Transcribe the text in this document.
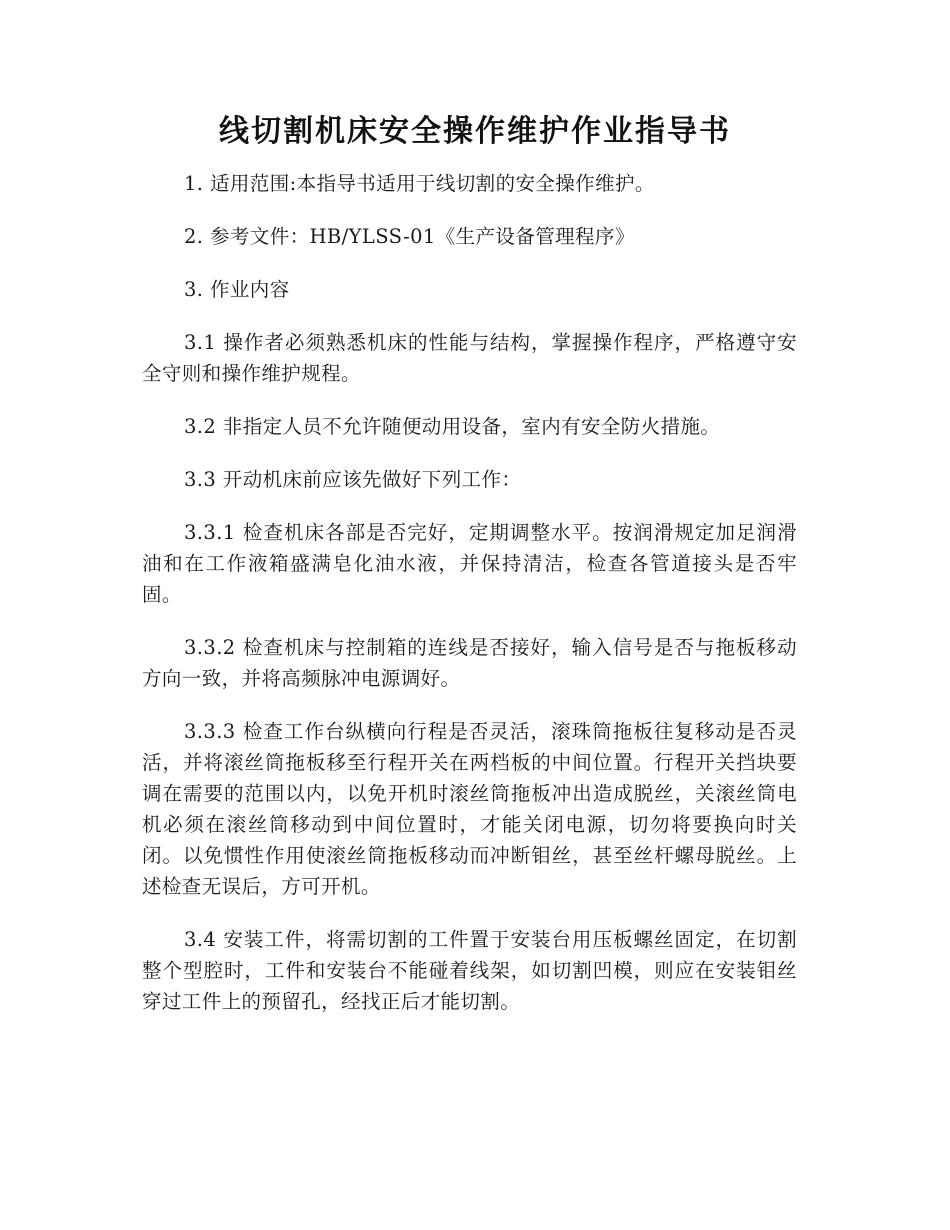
线切割机床安全操作维护作业指导书

1. 适用范围:本指导书适用于线切割的安全操作维护。

2. 参考文件：HB/YLSS-01《生产设备管理程序》

3. 作业内容

3.1 操作者必须熟悉机床的性能与结构，掌握操作程序，严格遵守安全守则和操作维护规程。

3.2 非指定人员不允许随便动用设备，室内有安全防火措施。

3.3 开动机床前应该先做好下列工作：

3.3.1 检查机床各部是否完好，定期调整水平。按润滑规定加足润滑油和在工作液箱盛满皂化油水液，并保持清洁，检查各管道接头是否牢固。

3.3.2 检查机床与控制箱的连线是否接好，输入信号是否与拖板移动方向一致，并将高频脉冲电源调好。

3.3.3 检查工作台纵横向行程是否灵活，滚珠筒拖板往复移动是否灵活，并将滚丝筒拖板移至行程开关在两档板的中间位置。行程开关挡块要调在需要的范围以内，以免开机时滚丝筒拖板冲出造成脱丝，关滚丝筒电机必须在滚丝筒移动到中间位置时，才能关闭电源，切勿将要换向时关闭。以免惯性作用使滚丝筒拖板移动而冲断钼丝，甚至丝杆螺母脱丝。上述检查无误后，方可开机。

3.4 安装工件，将需切割的工件置于安装台用压板螺丝固定，在切割整个型腔时，工件和安装台不能碰着线架，如切割凹模，则应在安装钼丝穿过工件上的预留孔，经找正后才能切割。
